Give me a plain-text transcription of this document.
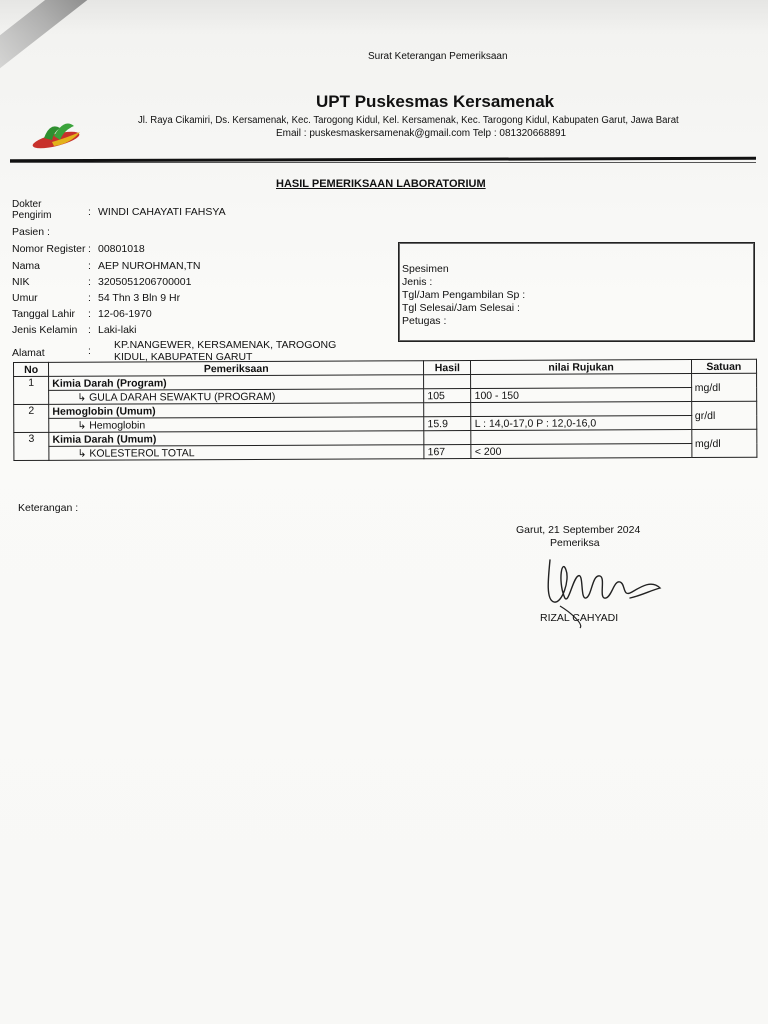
Surat Keterangan Pemeriksaan
UPT Puskesmas Kersamenak
Jl. Raya Cikamiri, Ds. Kersamenak, Kec. Tarogong Kidul, Kel. Kersamenak, Kec. Tarogong Kidul, Kabupaten Garut, Jawa Barat
Email : puskesmaskersamenak@gmail.com Telp : 081320668891
HASIL PEMERIKSAAN LABORATORIUM
Dokter
Pengirim	: WINDI CAHAYATI FAHSYA
Pasien :
Nomor Register : 00801018
Nama	: AEP NUROHMAN,TN
NIK	: 3205051206700001
Umur	: 54 Thn 3 Bln 9 Hr
Tanggal Lahir : 12-06-1970
Jenis Kelamin : Laki-laki
Alamat	: KP.NANGEWER, KERSAMENAK, TAROGONG
KIDUL, KABUPATEN GARUT
Spesimen
Jenis :
Tgl/Jam Pengambilan Sp :
Tgl Selesai/Jam Selesai :
Petugas :
No	Pemeriksaan	Hasil	nilai Rujukan	Satuan
1	Kimia Darah (Program)			mg/dl
	↳ GULA DARAH SEWAKTU (PROGRAM)	105	100 - 150	
2	Hemoglobin (Umum)			gr/dl
	↳ Hemoglobin	15.9	L : 14,0-17,0 P : 12,0-16,0	
3	Kimia Darah (Umum)			mg/dl
	↳ KOLESTEROL TOTAL	167	< 200	
Keterangan :
Garut, 21 September 2024
Pemeriksa
RIZAL CAHYADI
